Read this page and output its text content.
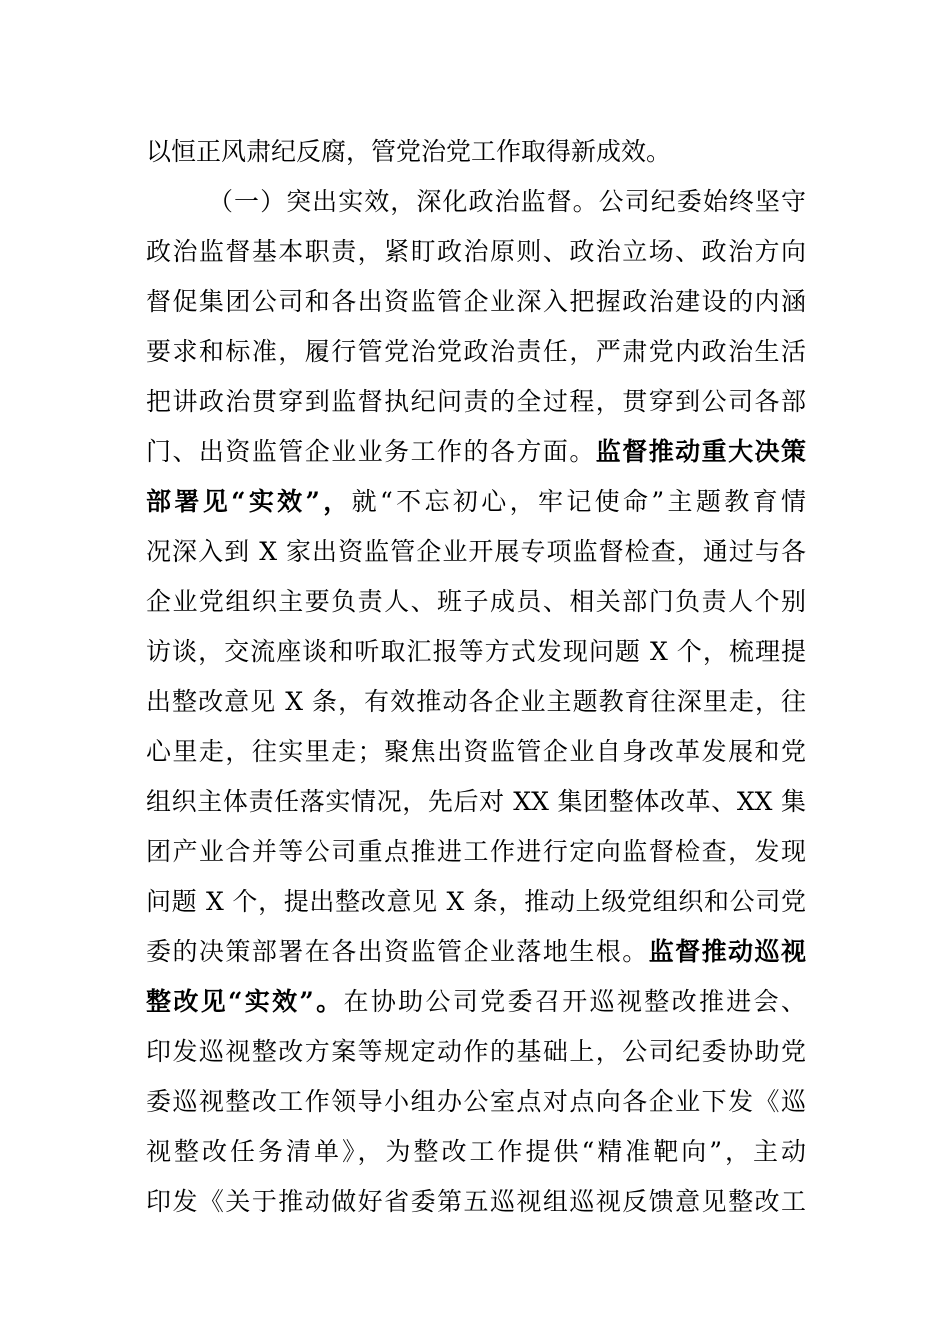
以恒正风肃纪反腐，管党治党工作取得新成效。
（一）突出实效，深化政治监督。公司纪委始终坚守
政治监督基本职责，紧盯政治原则、政治立场、政治方向
督促集团公司和各出资监管企业深入把握政治建设的内涵
要求和标准，履行管党治党政治责任，严肃党内政治生活
把讲政治贯穿到监督执纪问责的全过程，贯穿到公司各部
门、出资监管企业业务工作的各方面。监督推动重大决策
部署见“实效”，就“不忘初心，牢记使命”主题教育情
况深入到 X 家出资监管企业开展专项监督检查，通过与各
企业党组织主要负责人、班子成员、相关部门负责人个别
访谈，交流座谈和听取汇报等方式发现问题 X 个，梳理提
出整改意见 X 条，有效推动各企业主题教育往深里走，往
心里走，往实里走；聚焦出资监管企业自身改革发展和党
组织主体责任落实情况，先后对 XX 集团整体改革、XX 集
团产业合并等公司重点推进工作进行定向监督检查，发现
问题 X 个，提出整改意见 X 条，推动上级党组织和公司党
委的决策部署在各出资监管企业落地生根。监督推动巡视
整改见“实效”。在协助公司党委召开巡视整改推进会、
印发巡视整改方案等规定动作的基础上，公司纪委协助党
委巡视整改工作领导小组办公室点对点向各企业下发《巡
视整改任务清单》，为整改工作提供“精准靶向”，主动
印发《关于推动做好省委第五巡视组巡视反馈意见整改工
